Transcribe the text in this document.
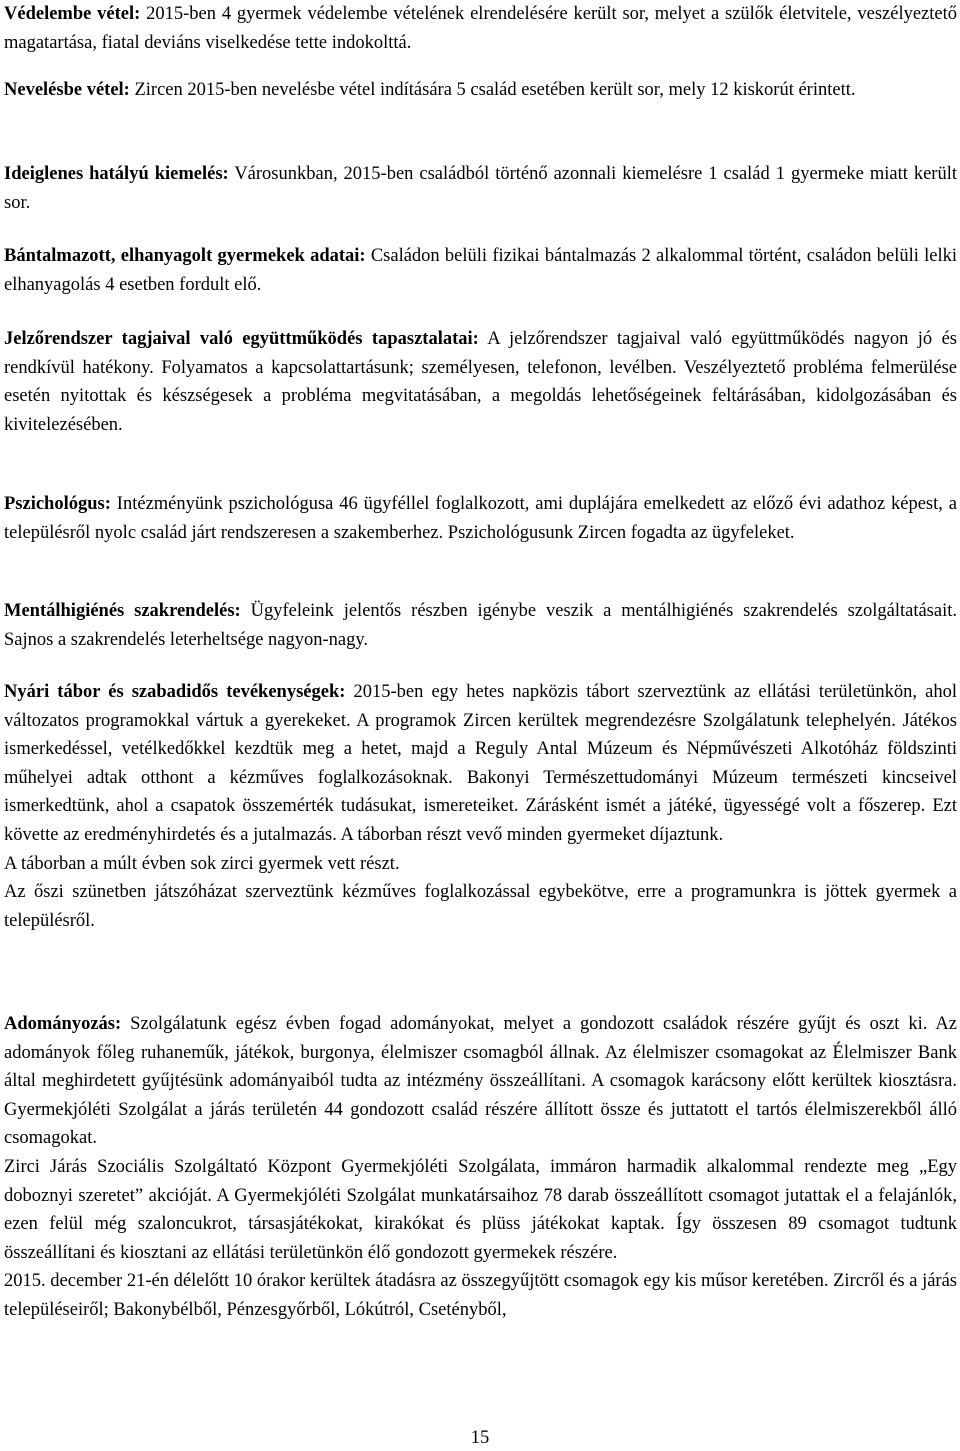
Védelembe vétel: 2015-ben 4 gyermek védelembe vételének elrendelésére került sor, melyet a szülők életvitele, veszélyeztető magatartása, fiatal deviáns viselkedése tette indokolttá.

Nevelésbe vétel: Zircen 2015-ben nevelésbe vétel indítására 5 család esetében került sor, mely 12 kiskorút érintett.

Ideiglenes hatályú kiemelés: Városunkban, 2015-ben családból történő azonnali kiemelésre 1 család 1 gyermeke miatt került sor.

Bántalmazott, elhanyagolt gyermekek adatai: Családon belüli fizikai bántalmazás 2 alkalommal történt, családon belüli lelki elhanyagolás 4 esetben fordult elő.

Jelzőrendszer tagjaival való együttműködés tapasztalatai: A jelzőrendszer tagjaival való együttműködés nagyon jó és rendkívül hatékony. Folyamatos a kapcsolattartásunk; személyesen, telefonon, levélben. Veszélyeztető probléma felmerülése esetén nyitottak és készségesek a probléma megvitatásában, a megoldás lehetőségeinek feltárásában, kidolgozásában és kivitelezésében.

Pszichológus: Intézményünk pszichológusa 46 ügyféllel foglalkozott, ami duplájára emelkedett az előző évi adathoz képest, a településről nyolc család járt rendszeresen a szakemberhez. Pszichológusunk Zircen fogadta az ügyfeleket.

Mentálhigiénés szakrendelés: Ügyfeleink jelentős részben igénybe veszik a mentálhigiénés szakrendelés szolgáltatásait. Sajnos a szakrendelés leterheltsége nagyon-nagy.

Nyári tábor és szabadidős tevékenységek: 2015-ben egy hetes napközis tábort szerveztünk az ellátási területünkön, ahol változatos programokkal vártuk a gyerekeket. A programok Zircen kerültek megrendezésre Szolgálatunk telephelyén. Játékos ismerkedéssel, vetélkedőkkel kezdtük meg a hetet, majd a Reguly Antal Múzeum és Népművészeti Alkotóház földszinti műhelyei adtak otthont a kézműves foglalkozásoknak. Bakonyi Természettudományi Múzeum természeti kincseivel ismerkedtünk, ahol a csapatok összemérték tudásukat, ismereteiket. Zárásként ismét a játéké, ügyességé volt a főszerep. Ezt követte az eredményhirdetés és a jutalmazás. A táborban részt vevő minden gyermeket díjaztunk.
A táborban a múlt évben sok zirci gyermek vett részt.
Az őszi szünetben játszóházat szerveztünk kézműves foglalkozással egybekötve, erre a programunkra is jöttek gyermek a településről.

Adományozás: Szolgálatunk egész évben fogad adományokat, melyet a gondozott családok részére gyűjt és oszt ki. Az adományok főleg ruhaneműk, játékok, burgonya, élelmiszer csomagból állnak. Az élelmiszer csomagokat az Élelmiszer Bank által meghirdetett gyűjtésünk adományaiból tudta az intézmény összeállítani. A csomagok karácsony előtt kerültek kiosztásra. Gyermekjóléti Szolgálat a járás területén 44 gondozott család részére állított össze és juttatott el tartós élelmiszerekből álló csomagokat.
Zirci Járás Szociális Szolgáltató Központ Gyermekjóléti Szolgálata, immáron harmadik alkalommal rendezte meg „Egy doboznyi szeretet” akcióját. A Gyermekjóléti Szolgálat munkatársaihoz 78 darab összeállított csomagot jutattak el a felajánlók, ezen felül még szaloncukrot, társasjátékokat, kirakókat és plüss játékokat kaptak. Így összesen 89 csomagot tudtunk összeállítani és kiosztani az ellátási területünkön élő gondozott gyermekek részére.
2015. december 21-én délelőtt 10 órakor kerültek átadásra az összegyűjtött csomagok egy kis műsor keretében. Zircről és a járás településeiről; Bakonybélből, Pénzesgyőrből, Lókútról, Csetényből,

15
